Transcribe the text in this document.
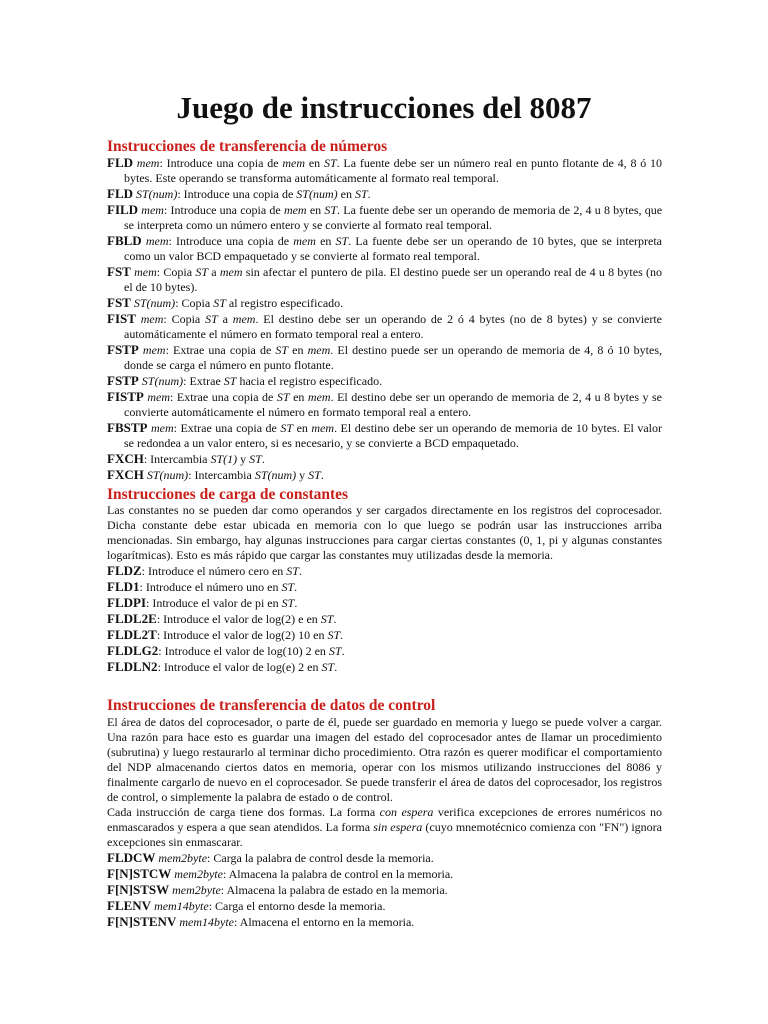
Juego de instrucciones del 8087
Instrucciones de transferencia de números
FLD mem: Introduce una copia de mem en ST. La fuente debe ser un número real en punto flotante de 4, 8 ó 10 bytes. Este operando se transforma automáticamente al formato real temporal.
FLD ST(num): Introduce una copia de ST(num) en ST.
FILD mem: Introduce una copia de mem en ST. La fuente debe ser un operando de memoria de 2, 4 u 8 bytes, que se interpreta como un número entero y se convierte al formato real temporal.
FBLD mem: Introduce una copia de mem en ST. La fuente debe ser un operando de 10 bytes, que se interpreta como un valor BCD empaquetado y se convierte al formato real temporal.
FST mem: Copia ST a mem sin afectar el puntero de pila. El destino puede ser un operando real de 4 u 8 bytes (no el de 10 bytes).
FST ST(num): Copia ST al registro especificado.
FIST mem: Copia ST a mem. El destino debe ser un operando de 2 ó 4 bytes (no de 8 bytes) y se convierte automáticamente el número en formato temporal real a entero.
FSTP mem: Extrae una copia de ST en mem. El destino puede ser un operando de memoria de 4, 8 ó 10 bytes, donde se carga el número en punto flotante.
FSTP ST(num): Extrae ST hacia el registro especificado.
FISTP mem: Extrae una copia de ST en mem. El destino debe ser un operando de memoria de 2, 4 u 8 bytes y se convierte automáticamente el número en formato temporal real a entero.
FBSTP mem: Extrae una copia de ST en mem. El destino debe ser un operando de memoria de 10 bytes. El valor se redondea a un valor entero, si es necesario, y se convierte a BCD empaquetado.
FXCH: Intercambia ST(1) y ST.
FXCH ST(num): Intercambia ST(num) y ST.
Instrucciones de carga de constantes
Las constantes no se pueden dar como operandos y ser cargados directamente en los registros del coprocesador. Dicha constante debe estar ubicada en memoria con lo que luego se podrán usar las instrucciones arriba mencionadas. Sin embargo, hay algunas instrucciones para cargar ciertas constantes (0, 1, pi y algunas constantes logarítmicas). Esto es más rápido que cargar las constantes muy utilizadas desde la memoria.
FLDZ: Introduce el número cero en ST.
FLD1: Introduce el número uno en ST.
FLDPI: Introduce el valor de pi en ST.
FLDL2E: Introduce el valor de log(2) e en ST.
FLDL2T: Introduce el valor de log(2) 10 en ST.
FLDLG2: Introduce el valor de log(10) 2 en ST.
FLDLN2: Introduce el valor de log(e) 2 en ST.
Instrucciones de transferencia de datos de control
El área de datos del coprocesador, o parte de él, puede ser guardado en memoria y luego se puede volver a cargar. Una razón para hace esto es guardar una imagen del estado del coprocesador antes de llamar un procedimiento (subrutina) y luego restaurarlo al terminar dicho procedimiento. Otra razón es querer modificar el comportamiento del NDP almacenando ciertos datos en memoria, operar con los mismos utilizando instrucciones del 8086 y finalmente cargarlo de nuevo en el coprocesador. Se puede transferir el área de datos del coprocesador, los registros de control, o simplemente la palabra de estado o de control.
Cada instrucción de carga tiene dos formas. La forma con espera verifica excepciones de errores numéricos no enmascarados y espera a que sean atendidos. La forma sin espera (cuyo mnemotécnico comienza con "FN") ignora excepciones sin enmascarar.
FLDCW mem2byte: Carga la palabra de control desde la memoria.
F[N]STCW mem2byte: Almacena la palabra de control en la memoria.
F[N]STSW mem2byte: Almacena la palabra de estado en la memoria.
FLENV mem14byte: Carga el entorno desde la memoria.
F[N]STENV mem14byte: Almacena el entorno en la memoria.
